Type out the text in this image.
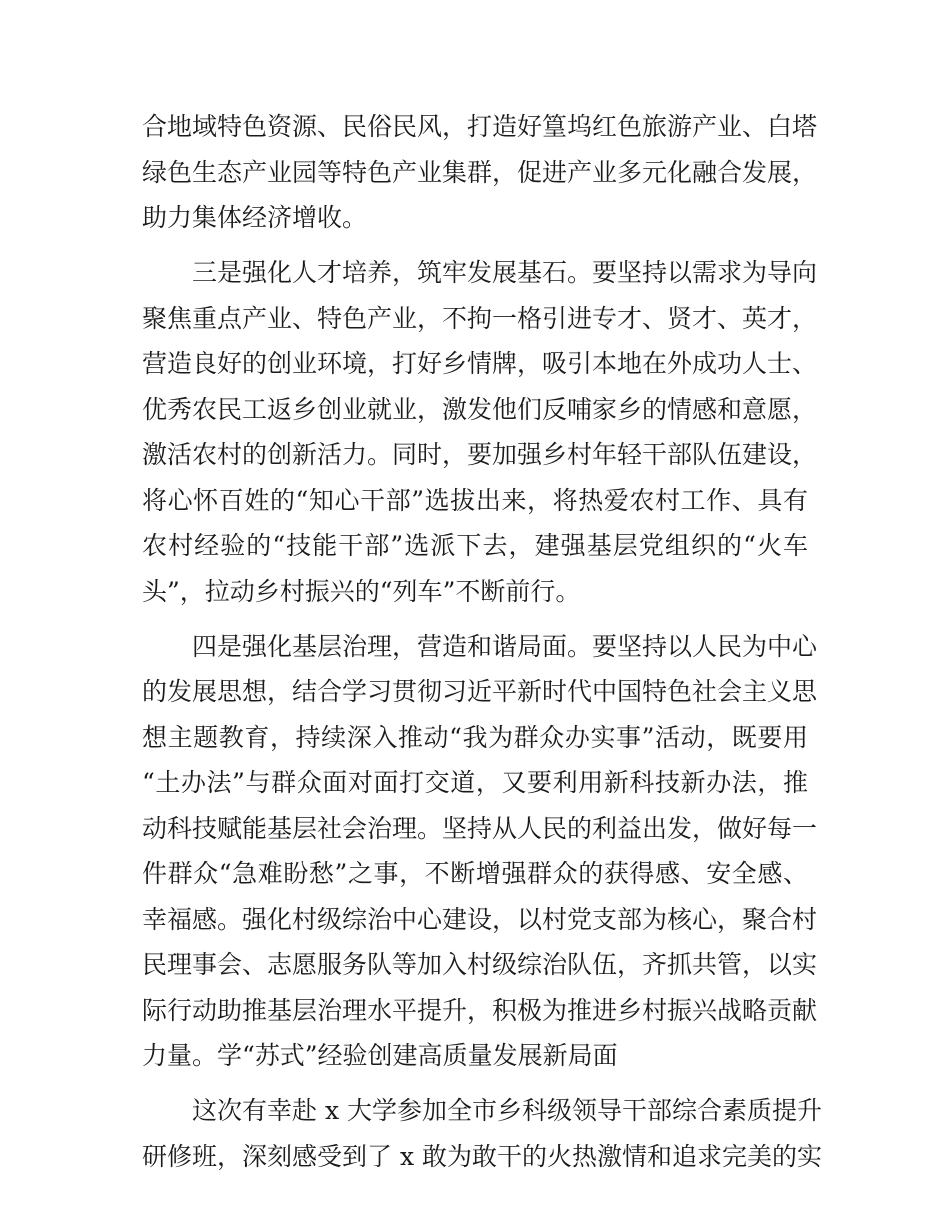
合地域特色资源、民俗民风，打造好篁坞红色旅游产业、白塔
绿色生态产业园等特色产业集群，促进产业多元化融合发展，
助力集体经济增收。
三是强化人才培养，筑牢发展基石。要坚持以需求为导向
聚焦重点产业、特色产业，不拘一格引进专才、贤才、英才，
营造良好的创业环境，打好乡情牌，吸引本地在外成功人士、
优秀农民工返乡创业就业，激发他们反哺家乡的情感和意愿，
激活农村的创新活力。同时，要加强乡村年轻干部队伍建设，
将心怀百姓的“知心干部”选拔出来，将热爱农村工作、具有
农村经验的“技能干部”选派下去，建强基层党组织的“火车
头”，拉动乡村振兴的“列车”不断前行。
四是强化基层治理，营造和谐局面。要坚持以人民为中心
的发展思想，结合学习贯彻习近平新时代中国特色社会主义思
想主题教育，持续深入推动“我为群众办实事”活动，既要用
“土办法”与群众面对面打交道，又要利用新科技新办法，推
动科技赋能基层社会治理。坚持从人民的利益出发，做好每一
件群众“急难盼愁”之事，不断增强群众的获得感、安全感、
幸福感。强化村级综治中心建设，以村党支部为核心，聚合村
民理事会、志愿服务队等加入村级综治队伍，齐抓共管，以实
际行动助推基层治理水平提升，积极为推进乡村振兴战略贡献
力量。学“苏式”经验创建高质量发展新局面
这次有幸赴 x 大学参加全市乡科级领导干部综合素质提升
研修班，深刻感受到了 x 敢为敢干的火热激情和追求完美的实
